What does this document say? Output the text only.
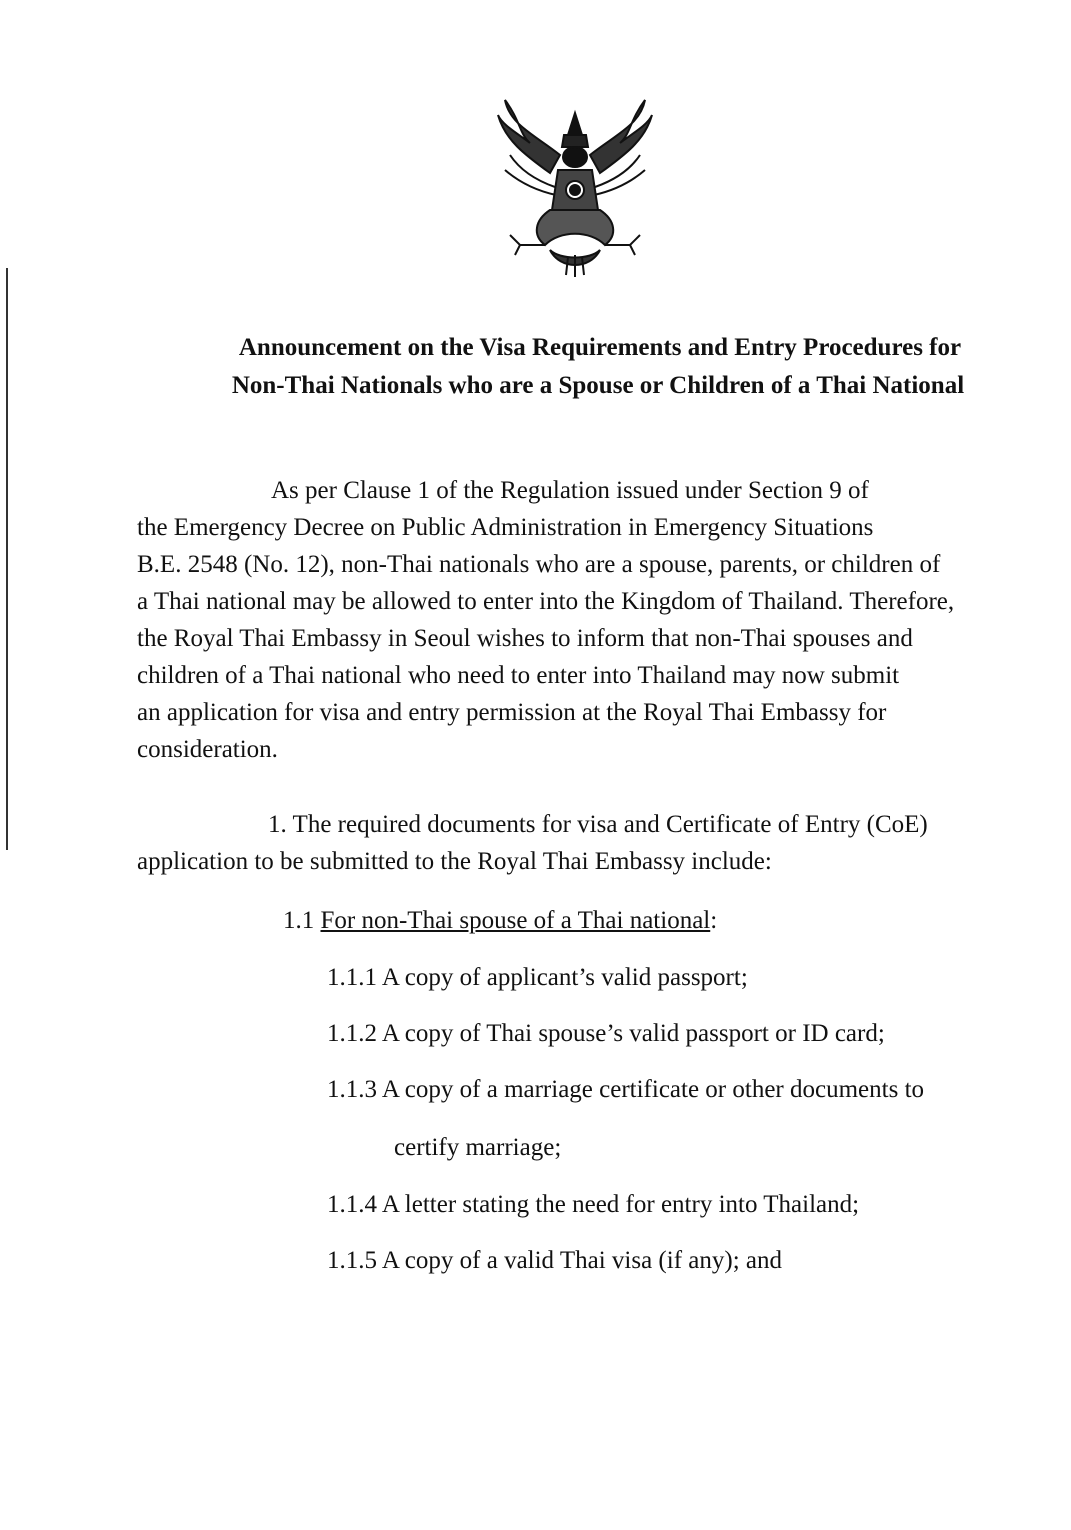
Announcement on the Visa Requirements and Entry Procedures for
Non-Thai Nationals who are a Spouse or Children of a Thai National
As per Clause 1 of the Regulation issued under Section 9 of
the Emergency Decree on Public Administration in Emergency Situations
B.E. 2548 (No. 12), non-Thai nationals who are a spouse, parents, or children of
a Thai national may be allowed to enter into the Kingdom of Thailand. Therefore,
the Royal Thai Embassy in Seoul wishes to inform that non-Thai spouses and
children of a Thai national who need to enter into Thailand may now submit
an application for visa and entry permission at the Royal Thai Embassy for
consideration.
1. The required documents for visa and Certificate of Entry (CoE)
application to be submitted to the Royal Thai Embassy include:
1.1 For non-Thai spouse of a Thai national:
1.1.1 A copy of applicant’s valid passport;
1.1.2 A copy of Thai spouse’s valid passport or ID card;
1.1.3 A copy of a marriage certificate or other documents to
certify marriage;
1.1.4 A letter stating the need for entry into Thailand;
1.1.5 A copy of a valid Thai visa (if any); and
